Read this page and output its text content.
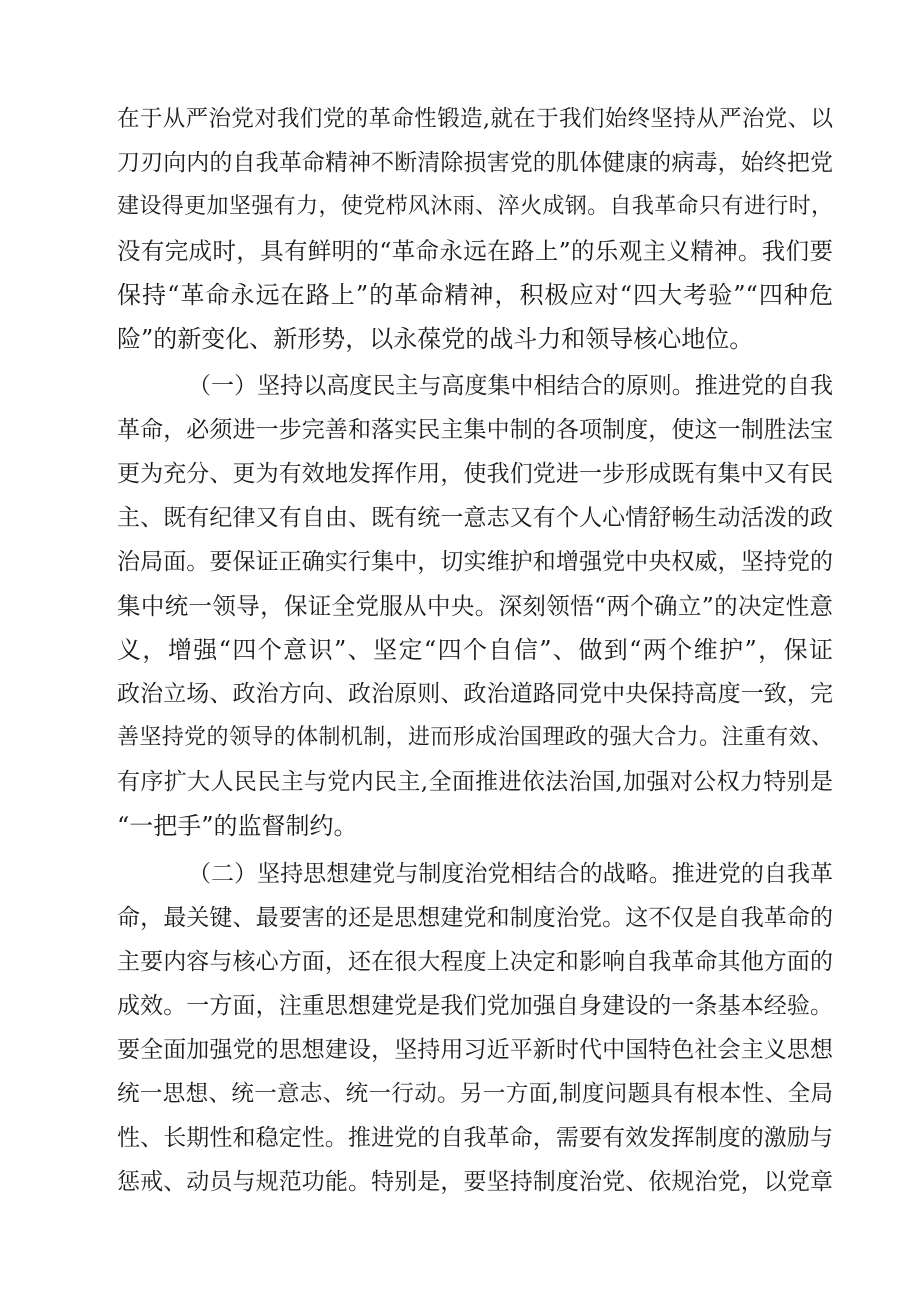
在于从严治党对我们党的革命性锻造,就在于我们始终坚持从严治党、以
刀刃向内的自我革命精神不断清除损害党的肌体健康的病毒，始终把党
建设得更加坚强有力，使党栉风沐雨、淬火成钢。自我革命只有进行时，
没有完成时，具有鲜明的“革命永远在路上”的乐观主义精神。我们要
保持“革命永远在路上”的革命精神，积极应对“四大考验”“四种危
险”的新变化、新形势，以永葆党的战斗力和领导核心地位。
（一）坚持以高度民主与高度集中相结合的原则。推进党的自我
革命，必须进一步完善和落实民主集中制的各项制度，使这一制胜法宝
更为充分、更为有效地发挥作用，使我们党进一步形成既有集中又有民
主、既有纪律又有自由、既有统一意志又有个人心情舒畅生动活泼的政
治局面。要保证正确实行集中，切实维护和增强党中央权威，坚持党的
集中统一领导，保证全党服从中央。深刻领悟“两个确立”的决定性意
义，增强“四个意识”、坚定“四个自信”、做到“两个维护”，保证
政治立场、政治方向、政治原则、政治道路同党中央保持高度一致，完
善坚持党的领导的体制机制，进而形成治国理政的强大合力。注重有效、
有序扩大人民民主与党内民主,全面推进依法治国,加强对公权力特别是
“一把手”的监督制约。
（二）坚持思想建党与制度治党相结合的战略。推进党的自我革
命，最关键、最要害的还是思想建党和制度治党。这不仅是自我革命的
主要内容与核心方面，还在很大程度上决定和影响自我革命其他方面的
成效。一方面，注重思想建党是我们党加强自身建设的一条基本经验。
要全面加强党的思想建设，坚持用习近平新时代中国特色社会主义思想
统一思想、统一意志、统一行动。另一方面,制度问题具有根本性、全局
性、长期性和稳定性。推进党的自我革命，需要有效发挥制度的激励与
惩戒、动员与规范功能。特别是，要坚持制度治党、依规治党，以党章
